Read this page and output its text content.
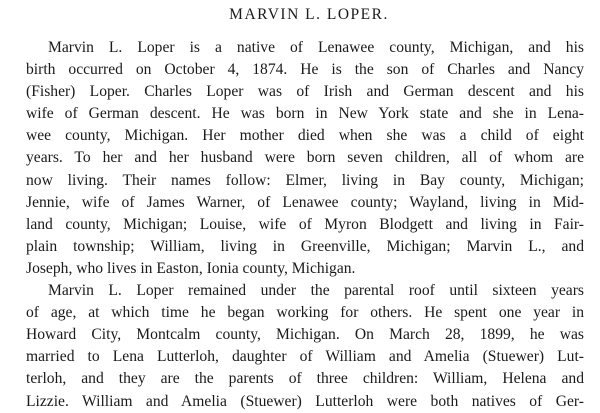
MARVIN L. LOPER.
Marvin L. Loper is a native of Lenawee county, Michigan, and his
birth occurred on October 4, 1874. He is the son of Charles and Nancy
(Fisher) Loper. Charles Loper was of Irish and German descent and his
wife of German descent. He was born in New York state and she in Lena-
wee county, Michigan. Her mother died when she was a child of eight
years. To her and her husband were born seven children, all of whom are
now living. Their names follow: Elmer, living in Bay county, Michigan;
Jennie, wife of James Warner, of Lenawee county; Wayland, living in Mid-
land county, Michigan; Louise, wife of Myron Blodgett and living in Fair-
plain township; William, living in Greenville, Michigan; Marvin L., and
Joseph, who lives in Easton, Ionia county, Michigan.
Marvin L. Loper remained under the parental roof until sixteen years
of age, at which time he began working for others. He spent one year in
Howard City, Montcalm county, Michigan. On March 28, 1899, he was
married to Lena Lutterloh, daughter of William and Amelia (Stuewer) Lut-
terloh, and they are the parents of three children: William, Helena and
Lizzie. William and Amelia (Stuewer) Lutterloh were both natives of Ger-
